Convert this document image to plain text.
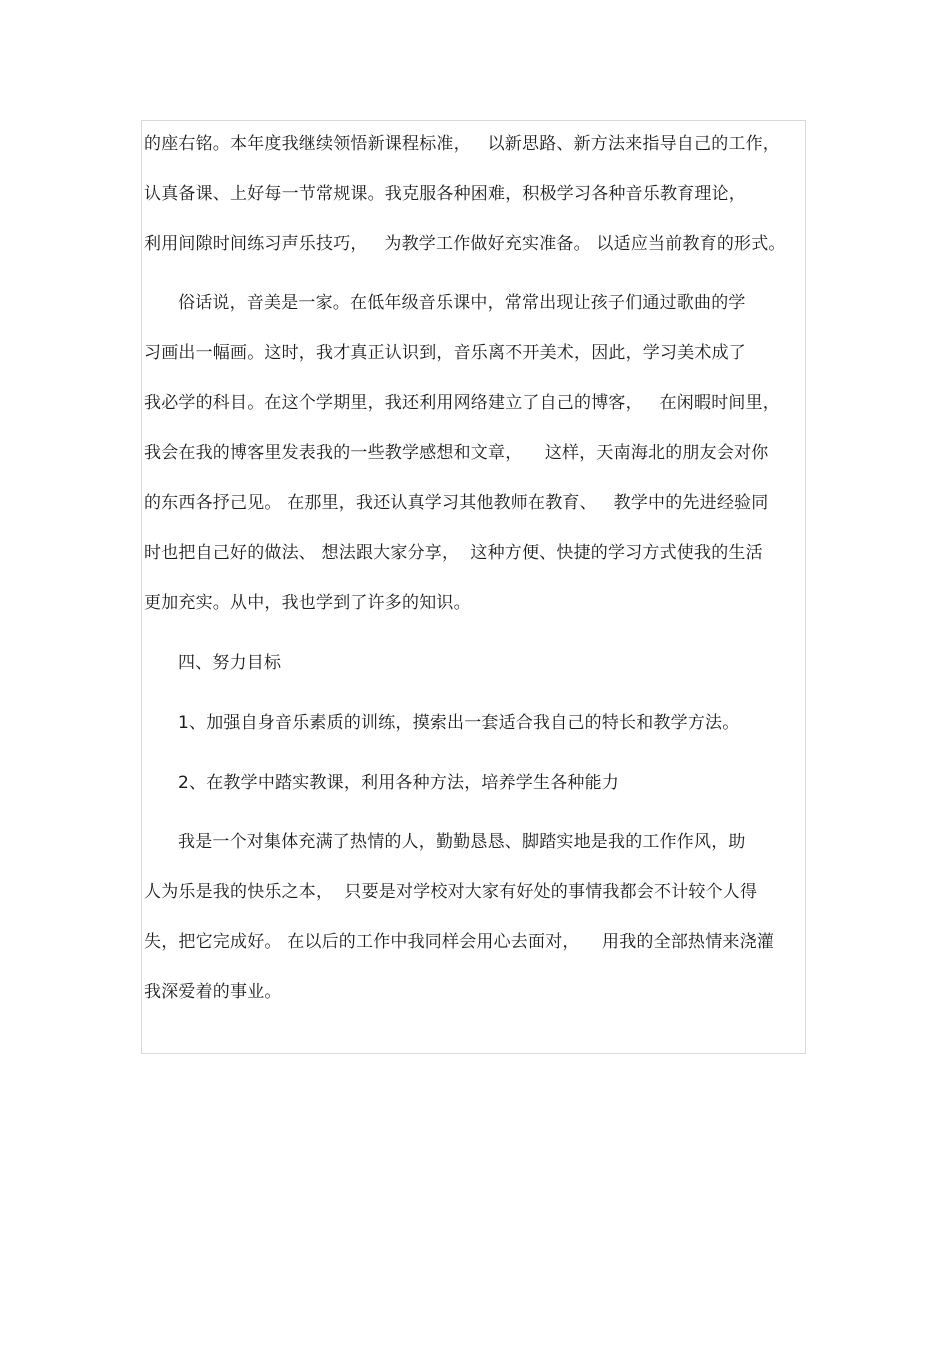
的座右铭。本年度我继续领悟新课程标准，   以新思路、新方法来指导自己的工作，
认真备课、上好每一节常规课。我克服各种困难，积极学习各种音乐教育理论，
利用间隙时间练习声乐技巧，   为教学工作做好充实准备。 以适应当前教育的形式。
俗话说，音美是一家。在低年级音乐课中，常常出现让孩子们通过歌曲的学
习画出一幅画。这时，我才真正认识到，音乐离不开美术，因此，学习美术成了
我必学的科目。在这个学期里，我还利用网络建立了自己的博客，   在闲暇时间里，
我会在我的博客里发表我的一些教学感想和文章，    这样，天南海北的朋友会对你
的东西各抒己见。 在那里，我还认真学习其他教师在教育、   教学中的先进经验同
时也把自己好的做法、 想法跟大家分享，  这种方便、快捷的学习方式使我的生活
更加充实。从中，我也学到了许多的知识。
四、努力目标
1、加强自身音乐素质的训练，摸索出一套适合我自己的特长和教学方法。
2、在教学中踏实教课，利用各种方法，培养学生各种能力
我是一个对集体充满了热情的人，勤勤恳恳、脚踏实地是我的工作作风，助
人为乐是我的快乐之本，  只要是对学校对大家有好处的事情我都会不计较个人得
失，把它完成好。 在以后的工作中我同样会用心去面对，    用我的全部热情来浇灌
我深爱着的事业。
